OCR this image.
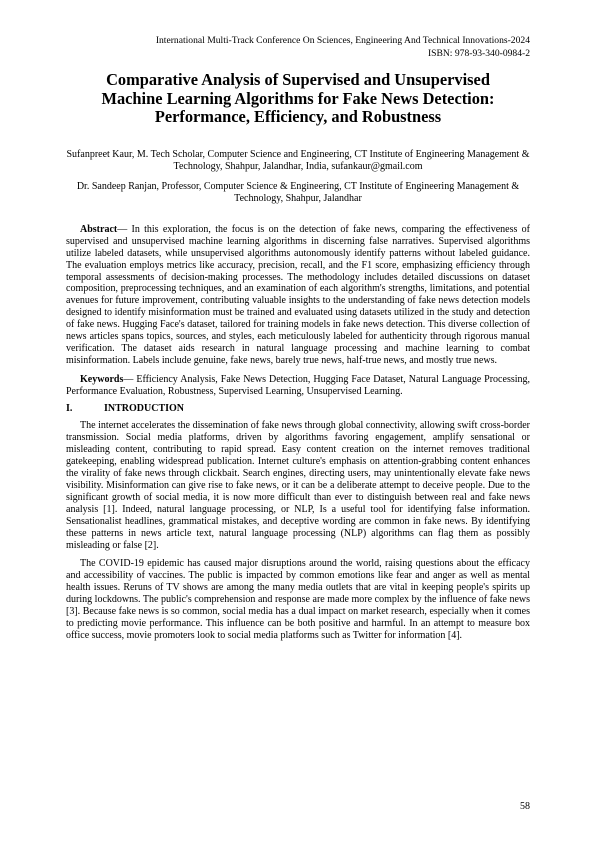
International Multi-Track Conference On Sciences, Engineering And Technical Innovations-2024
ISBN: 978-93-340-0984-2
Comparative Analysis of Supervised and Unsupervised
Machine Learning Algorithms for Fake News Detection:
Performance, Efficiency, and Robustness

Sufanpreet Kaur, M. Tech Scholar, Computer Science and Engineering, CT Institute of Engineering Management & Technology, Shahpur, Jalandhar, India, sufankaur@gmail.com

Dr. Sandeep Ranjan, Professor, Computer Science & Engineering, CT Institute of Engineering Management & Technology, Shahpur, Jalandhar

Abstract— In this exploration, the focus is on the detection of fake news, comparing the effectiveness of supervised and unsupervised machine learning algorithms in discerning false narratives. Supervised algorithms utilize labeled datasets, while unsupervised algorithms autonomously identify patterns without labeled guidance. The evaluation employs metrics like accuracy, precision, recall, and the F1 score, emphasizing efficiency through temporal assessments of decision-making processes. The methodology includes detailed discussions on dataset composition, preprocessing techniques, and an examination of each algorithm's strengths, limitations, and potential avenues for future improvement, contributing valuable insights to the understanding of fake news detection models designed to identify misinformation must be trained and evaluated using datasets utilized in the study and detection of fake news. Hugging Face's dataset, tailored for training models in fake news detection. This diverse collection of news articles spans topics, sources, and styles, each meticulously labeled for authenticity through rigorous manual verification. The dataset aids research in natural language processing and machine learning to combat misinformation. Labels include genuine, fake news, barely true news, half-true news, and mostly true news.

Keywords— Efficiency Analysis, Fake News Detection, Hugging Face Dataset, Natural Language Processing, Performance Evaluation, Robustness, Supervised Learning, Unsupervised Learning.

I.	INTRODUCTION

The internet accelerates the dissemination of fake news through global connectivity, allowing swift cross-border transmission. Social media platforms, driven by algorithms favoring engagement, amplify sensational or misleading content, contributing to rapid spread. Easy content creation on the internet removes traditional gatekeeping, enabling widespread publication. Internet culture's emphasis on attention-grabbing content enhances the virality of fake news through clickbait. Search engines, directing users, may unintentionally elevate fake news visibility. Misinformation can give rise to fake news, or it can be a deliberate attempt to deceive people. Due to the significant growth of social media, it is now more difficult than ever to distinguish between real and fake news analysis [1]. Indeed, natural language processing, or NLP, Is a useful tool for identifying false information. Sensationalist headlines, grammatical mistakes, and deceptive wording are common in fake news. By identifying these patterns in news article text, natural language processing (NLP) algorithms can flag them as possibly misleading or false [2].

The COVID-19 epidemic has caused major disruptions around the world, raising questions about the efficacy and accessibility of vaccines. The public is impacted by common emotions like fear and anger as well as mental health issues. Reruns of TV shows are among the many media outlets that are vital in keeping people's spirits up during lockdowns. The public's comprehension and response are made more complex by the influence of fake news [3]. Because fake news is so common, social media has a dual impact on market research, especially when it comes to predicting movie performance. This influence can be both positive and harmful. In an attempt to measure box office success, movie promoters look to social media platforms such as Twitter for information [4].

58
